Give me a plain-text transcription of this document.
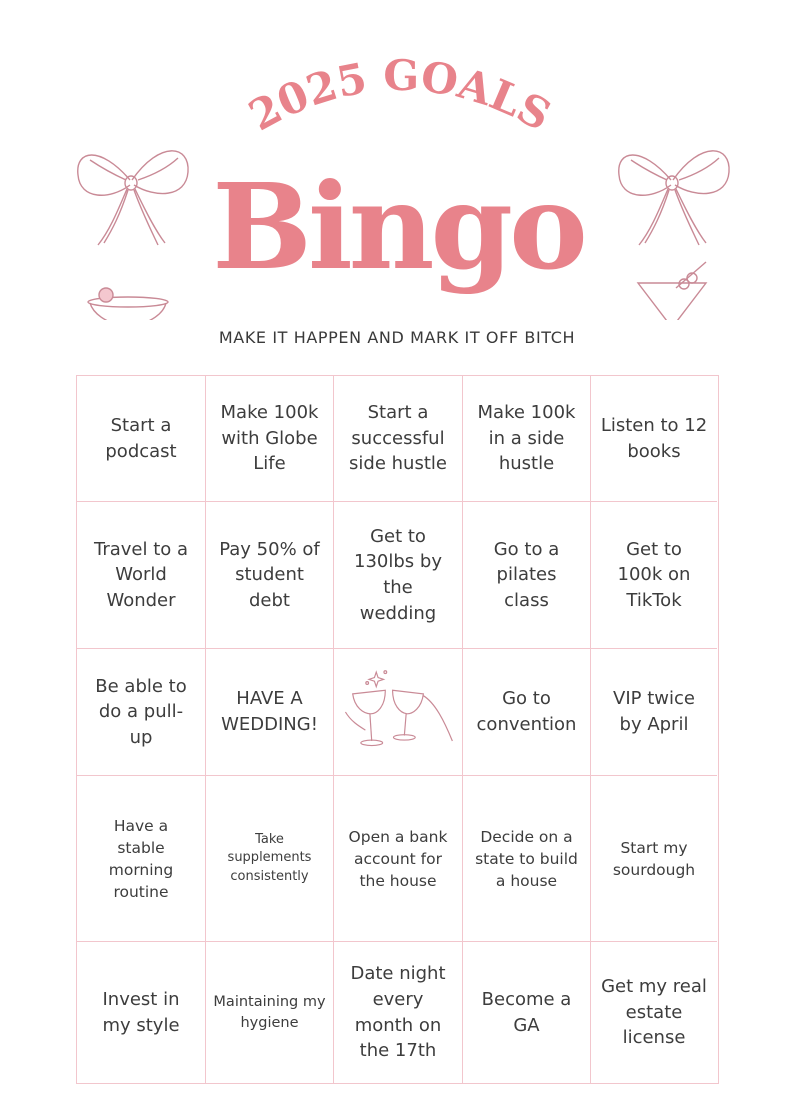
2025 GOALS
Bingo
MAKE IT HAPPEN AND MARK IT OFF BITCH
Start a podcast
Make 100k with Globe Life
Start a successful side hustle
Make 100k in a side hustle
Listen to 12 books
Travel to a World Wonder
Pay 50% of student debt
Get to 130lbs by the wedding
Go to a pilates class
Get to 100k on TikTok
Be able to do a pull-up
HAVE A WEDDING!
Go to convention
VIP twice by April
Have a stable morning routine
Take supplements consistently
Open a bank account for the house
Decide on a state to build a house
Start my sourdough
Invest in my style
Maintaining my hygiene
Date night every month on the 17th
Become a GA
Get my real estate license
